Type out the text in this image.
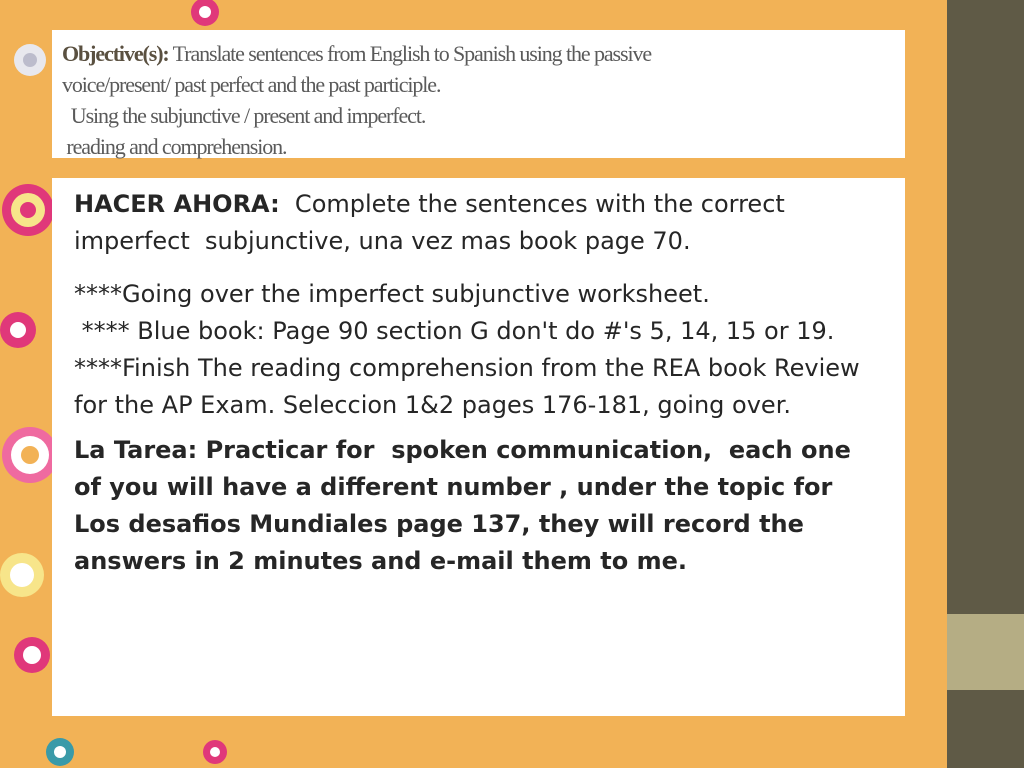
Objective(s): Translate sentences from English to Spanish using the passive
voice/present/ past perfect and the past participle.
Using the subjunctive / present and imperfect.
reading and comprehension.

HACER AHORA:  Complete the sentences with the correct imperfect  subjunctive, una vez mas book page 70.

****Going over the imperfect subjunctive worksheet.

**** Blue book: Page 90 section G don't do #'s 5, 14, 15 or 19.

****Finish The reading comprehension from the REA book Review for the AP Exam. Seleccion 1&2 pages 176-181, going over.

La Tarea: Practicar for  spoken communication,  each one of you will have a different number , under the topic for Los desafios Mundiales page 137, they will record the answers in 2 minutes and e-mail them to me.
